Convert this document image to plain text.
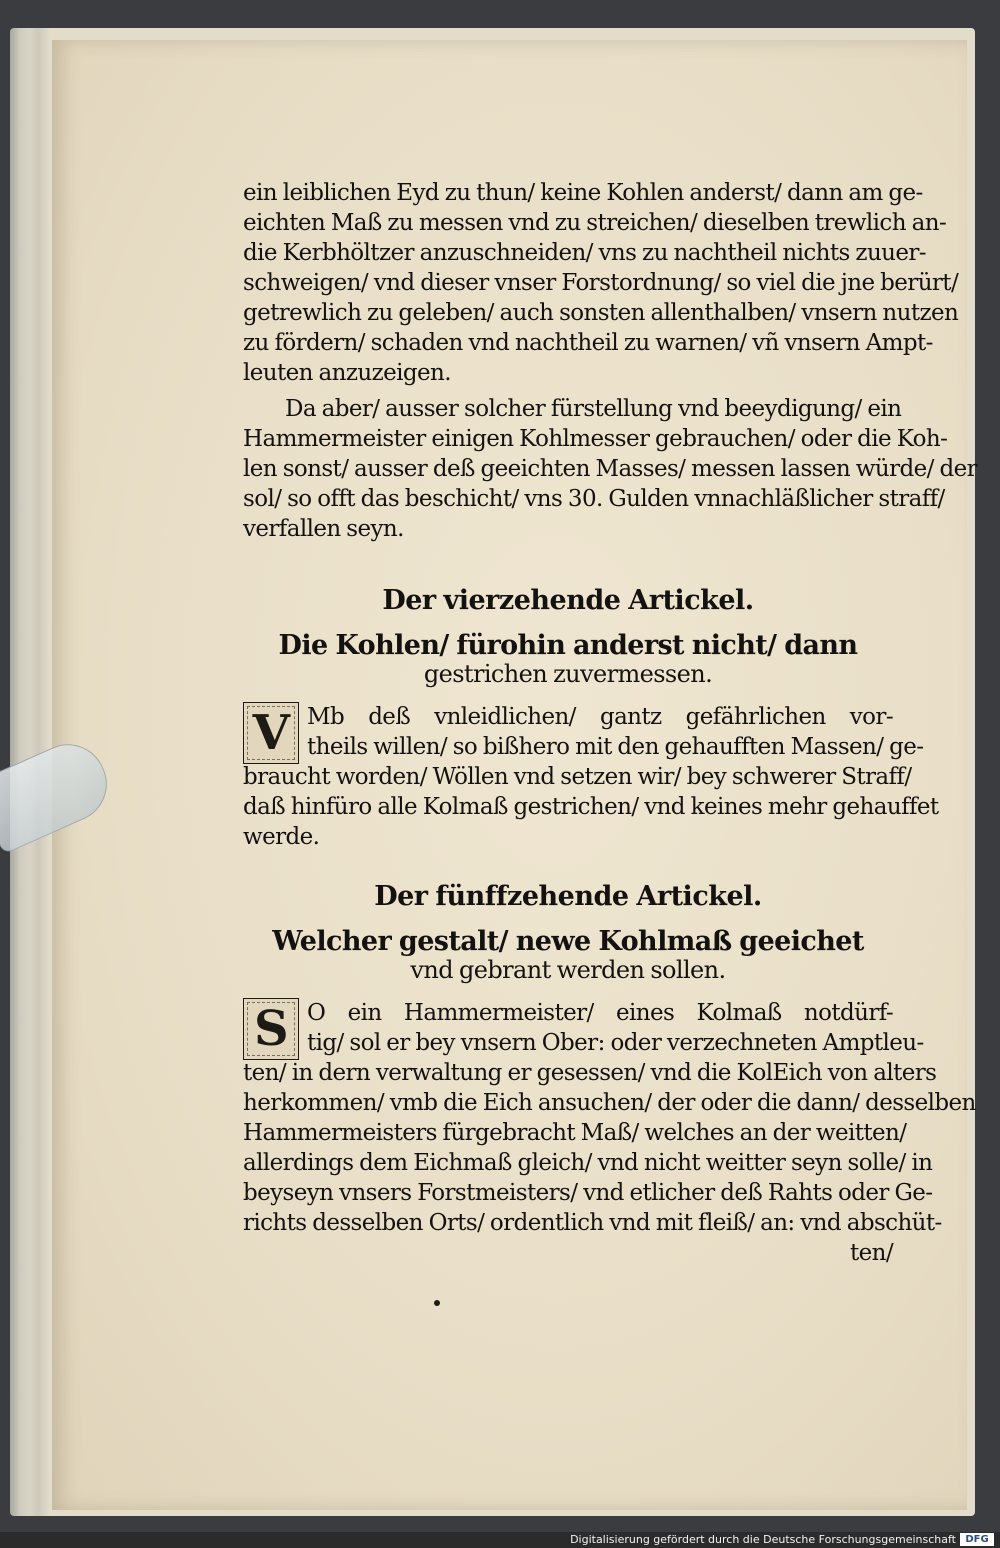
ein leiblichen Eyd zu thun/ keine Kohlen anderst/ dann am ge-
eichten Maß zu messen vnd zu streichen/ dieselben trewlich an-
die Kerbhöltzer anzuschneiden/ vns zu nachtheil nichts zuuer-
schweigen/ vnd dieser vnser Forstordnung/ so viel die jne berürt/
getrewlich zu geleben/ auch sonsten allenthalben/ vnsern nutzen
zu fördern/ schaden vnd nachtheil zu warnen/ vñ vnsern Ampt-
leuten anzuzeigen.
Da aber/ ausser solcher fürstellung vnd beeydigung/ ein
Hammermeister einigen Kohlmesser gebrauchen/ oder die Koh-
len sonst/ ausser deß geeichten Masses/ messen lassen würde/ der
sol/ so offt das beschicht/ vns 30. Gulden vnnachläßlicher straff/
verfallen seyn.
Der vierzehende Artickel.
Die Kohlen/ fürohin anderst nicht/ dann
gestrichen zuvermessen.
V Mb deß vnleidlichen/ gantz gefährlichen vor-
theils willen/ so bißhero mit den gehaufften Massen/ ge-
braucht worden/ Wöllen vnd setzen wir/ bey schwerer Straff/
daß hinfüro alle Kolmaß gestrichen/ vnd keines mehr gehauffet
werde.
Der fünffzehende Artickel.
Welcher gestalt/ newe Kohlmaß geeichet
vnd gebrant werden sollen.
S O ein Hammermeister/ eines Kolmaß notdürf-
tig/ sol er bey vnsern Ober: oder verzechneten Amptleu-
ten/ in dern verwaltung er gesessen/ vnd die KolEich von alters
herkommen/ vmb die Eich ansuchen/ der oder die dann/ desselben
Hammermeisters fürgebracht Maß/ welches an der weitten/
allerdings dem Eichmaß gleich/ vnd nicht weitter seyn solle/ in
beyseyn vnsers Forstmeisters/ vnd etlicher deß Rahts oder Ge-
richts desselben Orts/ ordentlich vnd mit fleiß/ an: vnd abschüt-
ten/
Digitalisierung gefördert durch die Deutsche Forschungsgemeinschaft DFG
